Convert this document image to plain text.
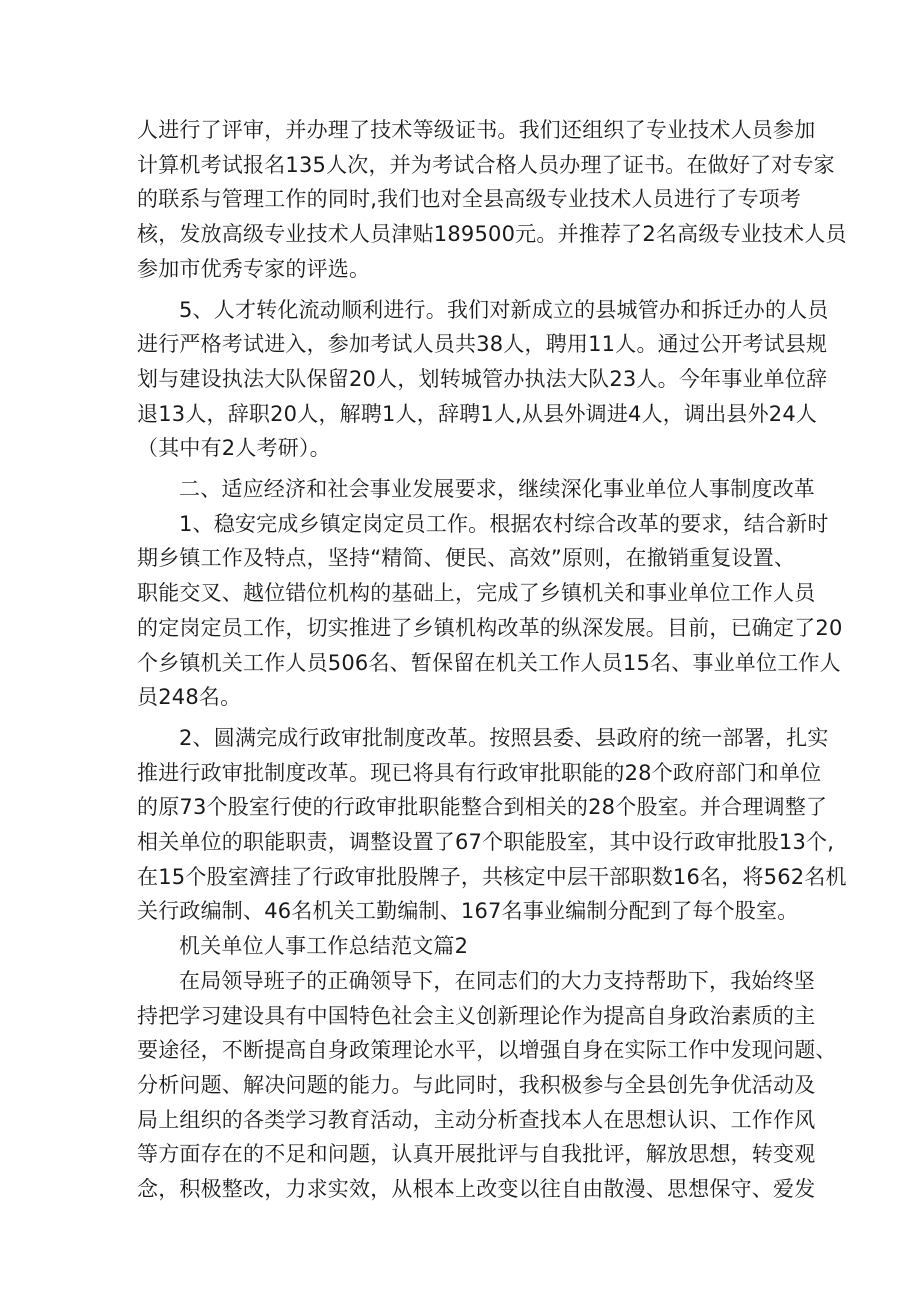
人进行了评审，并办理了技术等级证书。我们还组织了专业技术人员参加
计算机考试报名135人次，并为考试合格人员办理了证书。在做好了对专家
的联系与管理工作的同时,我们也对全县高级专业技术人员进行了专项考
核，发放高级专业技术人员津贴189500元。并推荐了2名高级专业技术人员
参加市优秀专家的评选。
5、人才转化流动顺利进行。我们对新成立的县城管办和拆迁办的人员
进行严格考试进入，参加考试人员共38人，聘用11人。通过公开考试县规
划与建设执法大队保留20人，划转城管办执法大队23人。今年事业单位辞
退13人，辞职20人，解聘1人，辞聘1人,从县外调进4人，调出县外24人
（其中有2人考研）。
二、适应经济和社会事业发展要求，继续深化事业单位人事制度改革
1、稳安完成乡镇定岗定员工作。根据农村综合改革的要求，结合新时
期乡镇工作及特点，坚持“精简、便民、高效”原则，在撤销重复设置、
职能交叉、越位错位机构的基础上，完成了乡镇机关和事业单位工作人员
的定岗定员工作，切实推进了乡镇机构改革的纵深发展。目前，已确定了20
个乡镇机关工作人员506名、暂保留在机关工作人员15名、事业单位工作人
员248名。
2、圆满完成行政审批制度改革。按照县委、县政府的统一部署，扎实
推进行政审批制度改革。现已将具有行政审批职能的28个政府部门和单位
的原73个股室行使的行政审批职能整合到相关的28个股室。并合理调整了
相关单位的职能职责，调整设置了67个职能股室，其中设行政审批股13个,
在15个股室濟挂了行政审批股牌子，共核定中层干部职数16名，将562名机
关行政编制、46名机关工勤编制、167名事业编制分配到了每个股室。
机关单位人事工作总结范文篇2
在局领导班子的正确领导下，在同志们的大力支持帮助下，我始终坚
持把学习建设具有中国特色社会主义创新理论作为提高自身政治素质的主
要途径，不断提高自身政策理论水平，以增强自身在实际工作中发现问题、
分析问题、解决问题的能力。与此同时，我积极参与全县创先争优活动及
局上组织的各类学习教育活动，主动分析查找本人在思想认识、工作作风
等方面存在的不足和问题，认真开展批评与自我批评，解放思想，转变观
念，积极整改，力求实效，从根本上改变以往自由散漫、思想保守、爱发
